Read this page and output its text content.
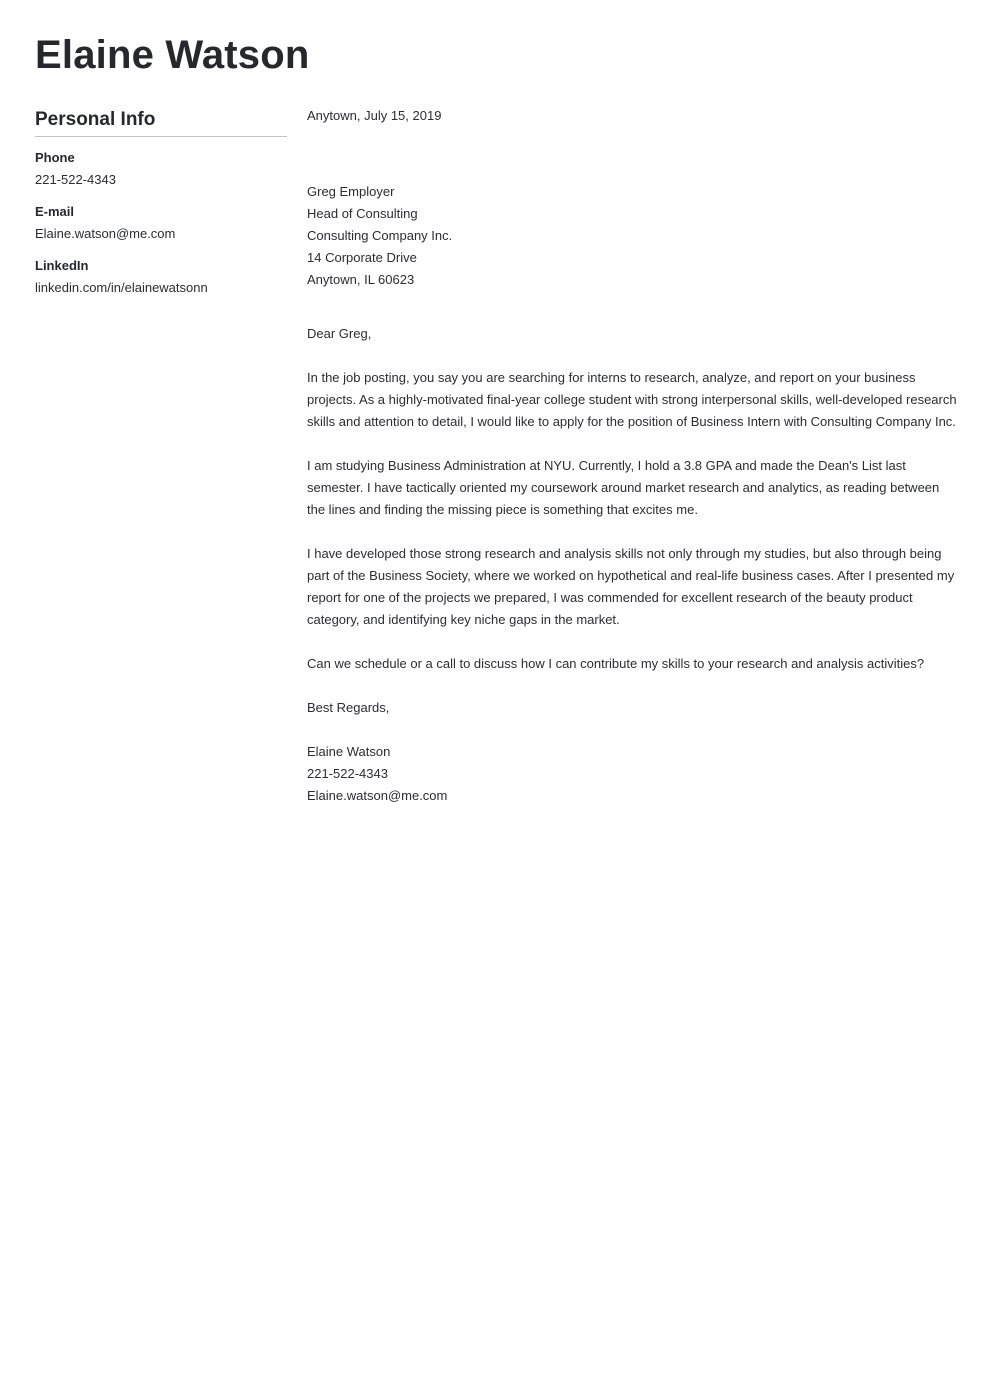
Elaine Watson
Personal Info
Phone
221-522-4343
E-mail
Elaine.watson@me.com
LinkedIn
linkedin.com/in/elainewatsonn
Anytown, July 15, 2019
Greg Employer
Head of Consulting
Consulting Company Inc.
14 Corporate Drive
Anytown, IL 60623

Dear Greg,

In the job posting, you say you are searching for interns to research, analyze, and report on your business projects. As a highly-motivated final-year college student with strong interpersonal skills, well-developed research skills and attention to detail, I would like to apply for the position of Business Intern with Consulting Company Inc.

I am studying Business Administration at NYU. Currently, I hold a 3.8 GPA and made the Dean's List last semester. I have tactically oriented my coursework around market research and analytics, as reading between the lines and finding the missing piece is something that excites me.

I have developed those strong research and analysis skills not only through my studies, but also through being part of the Business Society, where we worked on hypothetical and real-life business cases. After I presented my report for one of the projects we prepared, I was commended for excellent research of the beauty product category, and identifying key niche gaps in the market.

Can we schedule or a call to discuss how I can contribute my skills to your research and analysis activities?

Best Regards,

Elaine Watson
221-522-4343
Elaine.watson@me.com
